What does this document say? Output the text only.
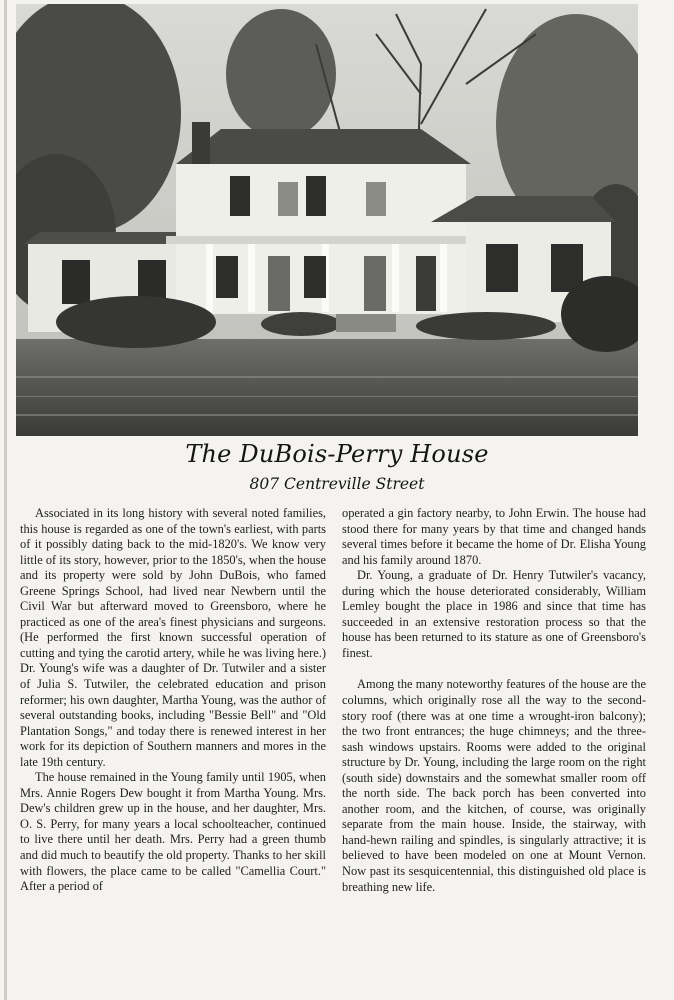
The DuBois-Perry House
807 Centreville Street

Associated in its long history with several noted families, this house is regarded as one of the town's earliest, with parts of it possibly dating back to the mid-1820's. We know very little of its story, however, prior to the 1850's, when the house and its property were sold by John DuBois, who famed Greene Springs School, had lived near Newbern until the Civil War but afterward moved to Greensboro, where he practiced as one of the area's finest physicians and surgeons. (He performed the first known successful operation of cutting and tying the carotid artery, while he was living here.) Dr. Young's wife was a daughter of Dr. Tutwiler and a sister of Julia S. Tutwiler, the celebrated education and prison reformer; his own daughter, Martha Young, was the author of several outstanding books, including "Bessie Bell" and "Old Plantation Songs," and today there is renewed interest in her work for its depiction of Southern manners and mores in the late 19th century.

The house remained in the Young family until 1905, when Mrs. Annie Rogers Dew bought it from Martha Young. Mrs. Dew's children grew up in the house, and her daughter, Mrs. O. S. Perry, for many years a local schoolteacher, continued to live there until her death. Mrs. Perry had a green thumb and did much to beautify the old property. Thanks to her skill with flowers, the place came to be called "Camellia Court." After a period of

operated a gin factory nearby, to John Erwin. The house had stood there for many years by that time and changed hands several times before it became the home of Dr. Elisha Young and his family around 1870.

Dr. Young, a graduate of Dr. Henry Tutwiler's vacancy, during which the house deteriorated considerably, William Lemley bought the place in 1986 and since that time has succeeded in an extensive restoration process so that the house has been returned to its stature as one of Greensboro's finest.

Among the many noteworthy features of the house are the columns, which originally rose all the way to the second-story roof (there was at one time a wrought-iron balcony); the two front entrances; the huge chimneys; and the three-sash windows upstairs. Rooms were added to the original structure by Dr. Young, including the large room on the right (south side) downstairs and the somewhat smaller room off the north side. The back porch has been converted into another room, and the kitchen, of course, was originally separate from the main house. Inside, the stairway, with hand-hewn railing and spindles, is singularly attractive; it is believed to have been modeled on one at Mount Vernon. Now past its sesquicentennial, this distinguished old place is breathing new life.
